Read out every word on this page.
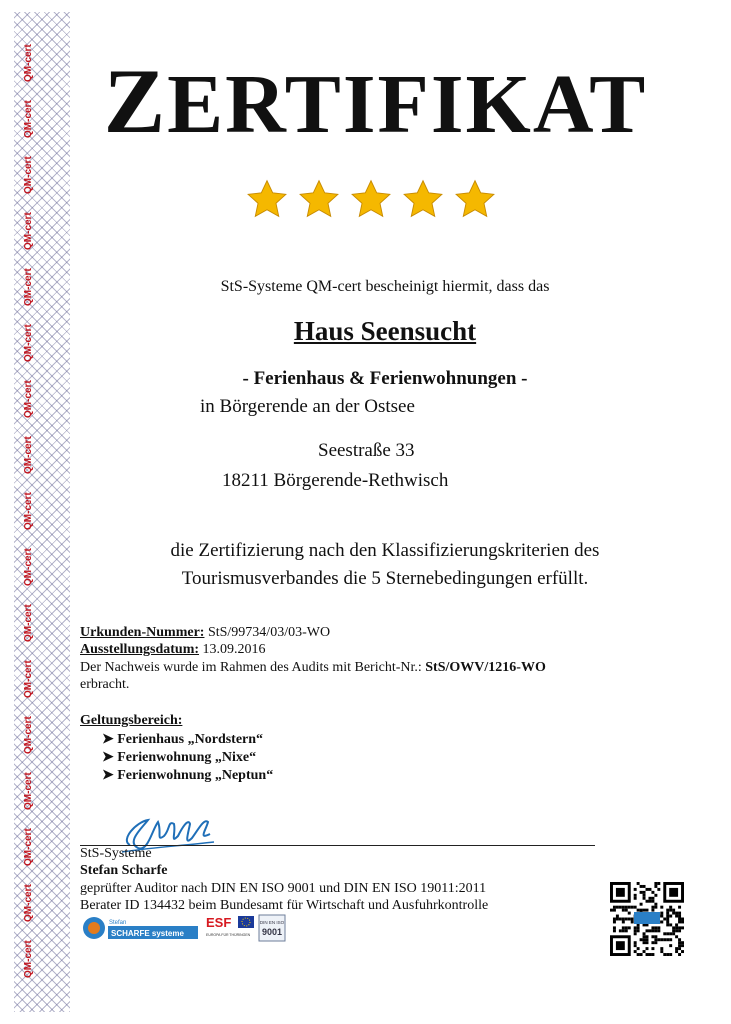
QM-cert
QM-cert
QM-cert
QM-cert
QM-cert
QM-cert
QM-cert
QM-cert
QM-cert
QM-cert
QM-cert
QM-cert
QM-cert
QM-cert
QM-cert
QM-cert
QM-cert
ZERTIFIKAT
StS-Systeme QM-cert bescheinigt hiermit, dass das
Haus Seensucht
- Ferienhaus & Ferienwohnungen -
in Börgerende an der Ostsee
Seestraße 33
18211 Börgerende-Rethwisch
die Zertifizierung nach den Klassifizierungskriterien des
Tourismusverbandes die 5 Sternebedingungen erfüllt.
Urkunden-Nummer: StS/99734/03/03-WO
Ausstellungsdatum: 13.09.2016
Der Nachweis wurde im Rahmen des Audits mit Bericht-Nr.: StS/OWV/1216-WO
erbracht.
Geltungsbereich:
➤ Ferienhaus „Nordstern“
➤ Ferienwohnung „Nixe“
➤ Ferienwohnung „Neptun“
StS-Systeme
Stefan Scharfe
geprüfter Auditor nach DIN EN ISO 9001 und DIN EN ISO 19011:2011
Berater ID 134432 beim Bundesamt für Wirtschaft und Ausfuhrkontrolle
Stefan
SCHARFE systeme
ESF
EUROPA FÜR THÜRINGEN
DIN EN ISO
9001
